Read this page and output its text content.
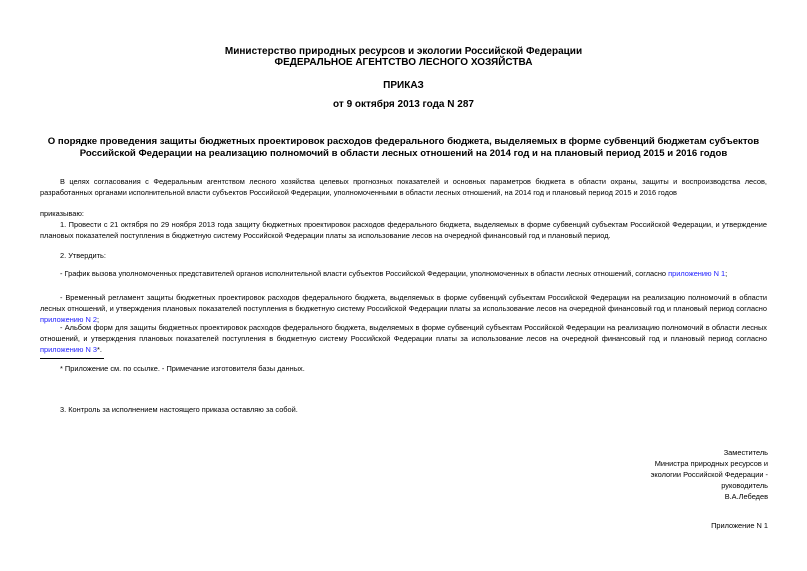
Министерство природных ресурсов и экологии Российской Федерации
ФЕДЕРАЛЬНОЕ АГЕНТСТВО ЛЕСНОГО ХОЗЯЙСТВА
ПРИКАЗ
от 9 октября 2013 года N 287
О порядке проведения защиты бюджетных проектировок расходов федерального бюджета, выделяемых в форме субвенций бюджетам субъектов Российской Федерации на реализацию полномочий в области лесных отношений на 2014 год и на плановый период 2015 и 2016 годов
В целях согласования с Федеральным агентством лесного хозяйства целевых прогнозных показателей и основных параметров бюджета в области охраны, защиты и воспроизводства лесов, разработанных органами исполнительной власти субъектов Российской Федерации, уполномоченными в области лесных отношений, на 2014 год и плановый период 2015 и 2016 годов
приказываю:
1. Провести с 21 октября по 29 ноября 2013 года защиту бюджетных проектировок расходов федерального бюджета, выделяемых в форме субвенций субъектам Российской Федерации, и утверждение плановых показателей поступления в бюджетную систему Российской Федерации платы за использование лесов на очередной финансовый год и плановый период.
2. Утвердить:
- График вызова уполномоченных представителей органов исполнительной власти субъектов Российской Федерации, уполномоченных в области лесных отношений, согласно приложению N 1;
- Временный регламент защиты бюджетных проектировок расходов федерального бюджета, выделяемых в форме субвенций субъектам Российской Федерации на реализацию полномочий в области лесных отношений, и утверждения плановых показателей поступления в бюджетную систему Российской Федерации платы за использование лесов на очередной финансовый год и плановый период согласно приложению N 2;
- Альбом форм для защиты бюджетных проектировок расходов федерального бюджета, выделяемых в форме субвенций субъектам Российской Федерации на реализацию полномочий в области лесных отношений, и утверждения плановых показателей поступления в бюджетную систему Российской Федерации платы за использование лесов на очередной финансовый год и плановый период согласно приложению N 3*.
* Приложение см. по ссылке. - Примечание изготовителя базы данных.
3. Контроль за исполнением настоящего приказа оставляю за собой.
Заместитель
Министра природных ресурсов и
экологии Российской Федерации -
руководитель
В.А.Лебедев
Приложение N 1
